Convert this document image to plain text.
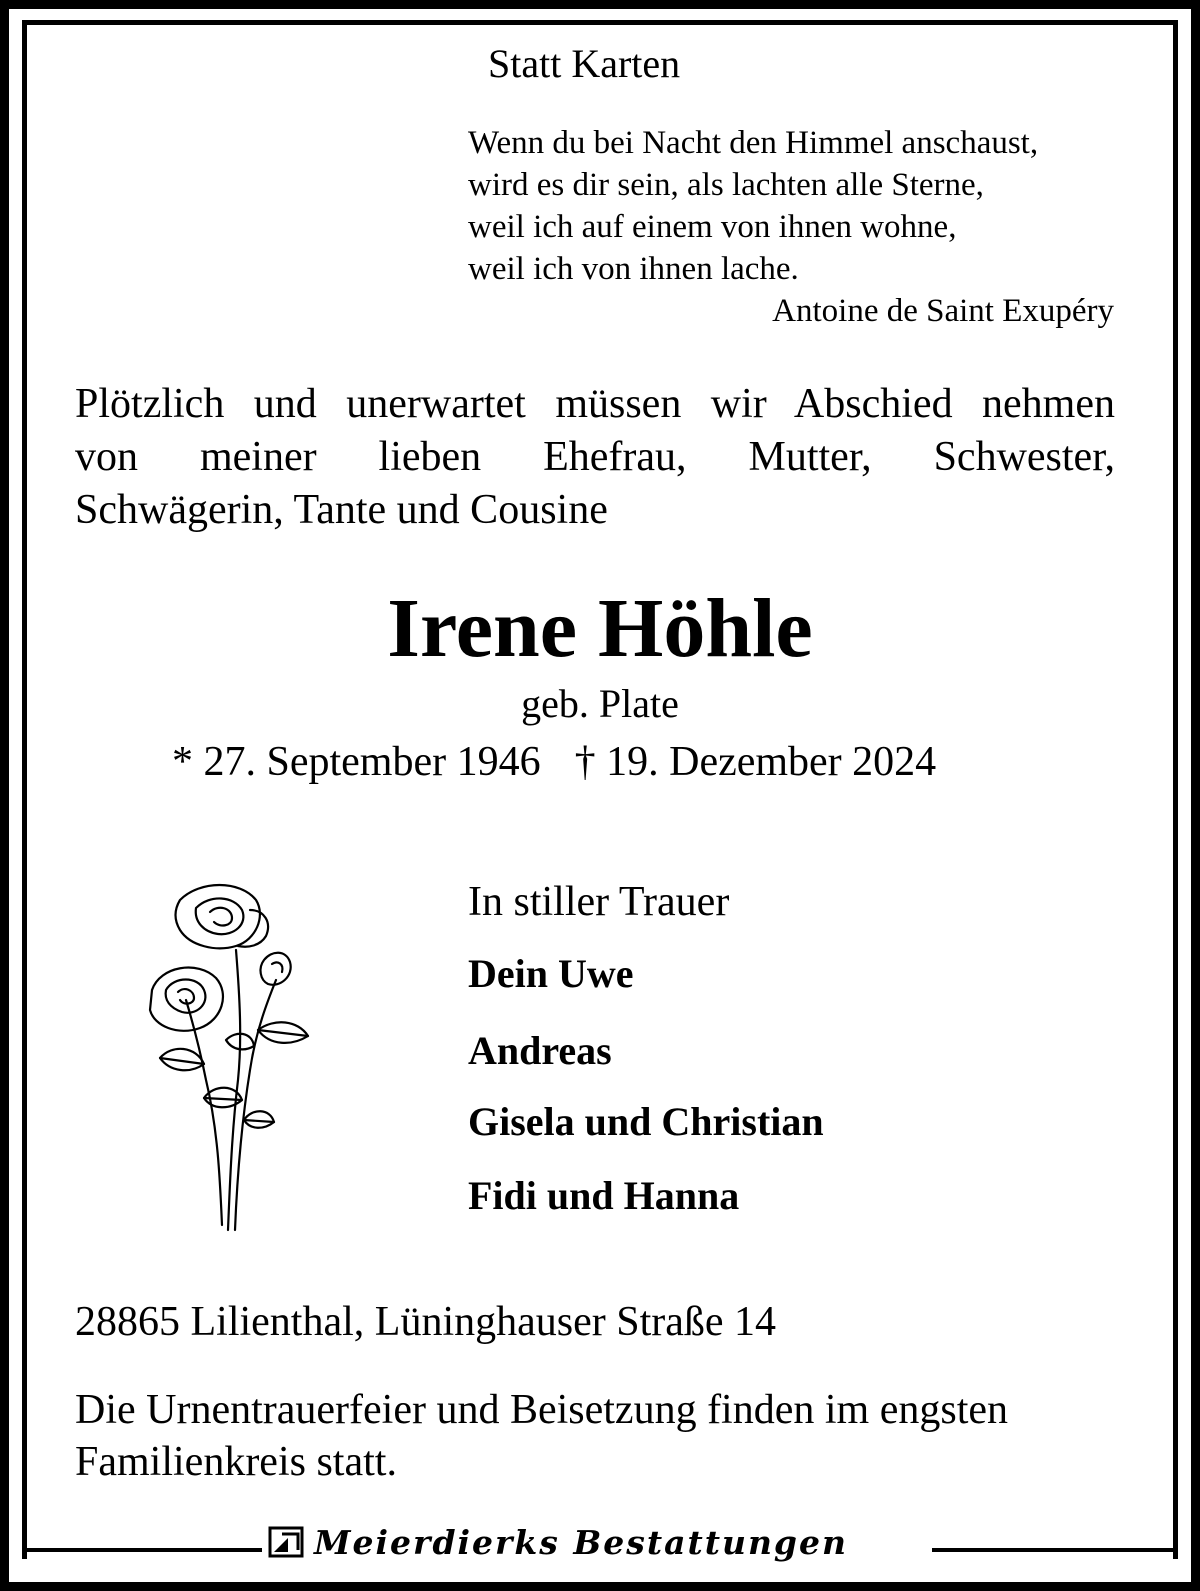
Statt Karten

Wenn du bei Nacht den Himmel anschaust,
wird es dir sein, als lachten alle Sterne,
weil ich auf einem von ihnen wohne,
weil ich von ihnen lache.

Antoine de Saint Exupéry

Plötzlich und unerwartet müssen wir Abschied nehmen
von meiner lieben Ehefrau, Mutter, Schwester,
Schwägerin, Tante und Cousine

Irene Höhle

geb. Plate

* 27. September 1946 † 19. Dezember 2024

In stiller Trauer

Dein Uwe

Andreas

Gisela und Christian

Fidi und Hanna

28865 Lilienthal, Lüninghauser Straße 14

Die Urnentrauerfeier und Beisetzung finden im engsten
Familienkreis statt.
Meierdierks Bestattungen
